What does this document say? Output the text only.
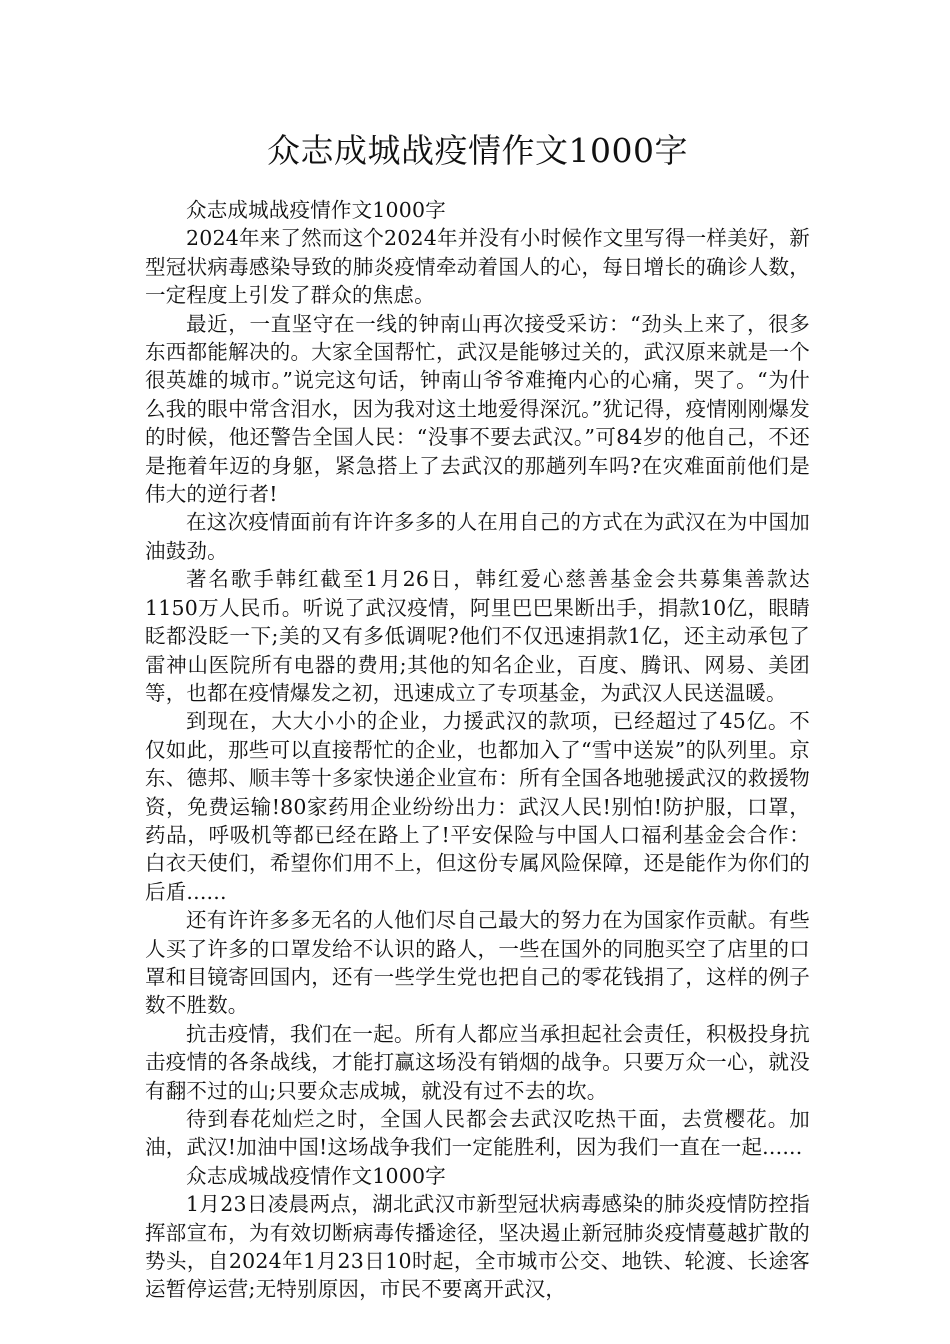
众志成城战疫情作文1000字

众志成城战疫情作文1000字

2024年来了然而这个2024年并没有小时候作文里写得一样美好，新型冠状病毒感染导致的肺炎疫情牵动着国人的心，每日增长的确诊人数，一定程度上引发了群众的焦虑。

最近，一直坚守在一线的钟南山再次接受采访：“劲头上来了，很多东西都能解决的。大家全国帮忙，武汉是能够过关的，武汉原来就是一个很英雄的城市。”说完这句话，钟南山爷爷难掩内心的心痛，哭了。“为什么我的眼中常含泪水，因为我对这土地爱得深沉。”犹记得，疫情刚刚爆发的时候，他还警告全国人民：“没事不要去武汉。”可84岁的他自己，不还是拖着年迈的身躯，紧急搭上了去武汉的那趟列车吗?在灾难面前他们是伟大的逆行者!

在这次疫情面前有许许多多的人在用自己的方式在为武汉在为中国加油鼓劲。

著名歌手韩红截至1月26日，韩红爱心慈善基金会共募集善款达1150万人民币。听说了武汉疫情，阿里巴巴果断出手，捐款10亿，眼睛眨都没眨一下;美的又有多低调呢?他们不仅迅速捐款1亿，还主动承包了雷神山医院所有电器的费用;其他的知名企业，百度、腾讯、网易、美团等，也都在疫情爆发之初，迅速成立了专项基金，为武汉人民送温暖。

到现在，大大小小的企业，力援武汉的款项，已经超过了45亿。不仅如此，那些可以直接帮忙的企业，也都加入了“雪中送炭”的队列里。京东、德邦、顺丰等十多家快递企业宣布：所有全国各地驰援武汉的救援物资，免费运输!80家药用企业纷纷出力：武汉人民!别怕!防护服，口罩，药品，呼吸机等都已经在路上了!平安保险与中国人口福利基金会合作：白衣天使们，希望你们用不上，但这份专属风险保障，还是能作为你们的后盾......

还有许许多多无名的人他们尽自己最大的努力在为国家作贡献。有些人买了许多的口罩发给不认识的路人，一些在国外的同胞买空了店里的口罩和目镜寄回国内，还有一些学生党也把自己的零花钱捐了，这样的例子数不胜数。

抗击疫情，我们在一起。所有人都应当承担起社会责任，积极投身抗击疫情的各条战线，才能打赢这场没有销烟的战争。只要万众一心，就没有翻不过的山;只要众志成城，就没有过不去的坎。

待到春花灿烂之时，全国人民都会去武汉吃热干面，去赏樱花。加油，武汉!加油中国!这场战争我们一定能胜利，因为我们一直在一起......

众志成城战疫情作文1000字

1月23日凌晨两点，湖北武汉市新型冠状病毒感染的肺炎疫情防控指挥部宣布，为有效切断病毒传播途径，坚决遏止新冠肺炎疫情蔓越扩散的势头，自2024年1月23日10时起，全市城市公交、地铁、轮渡、长途客运暂停运营;无特别原因，市民不要离开武汉，
